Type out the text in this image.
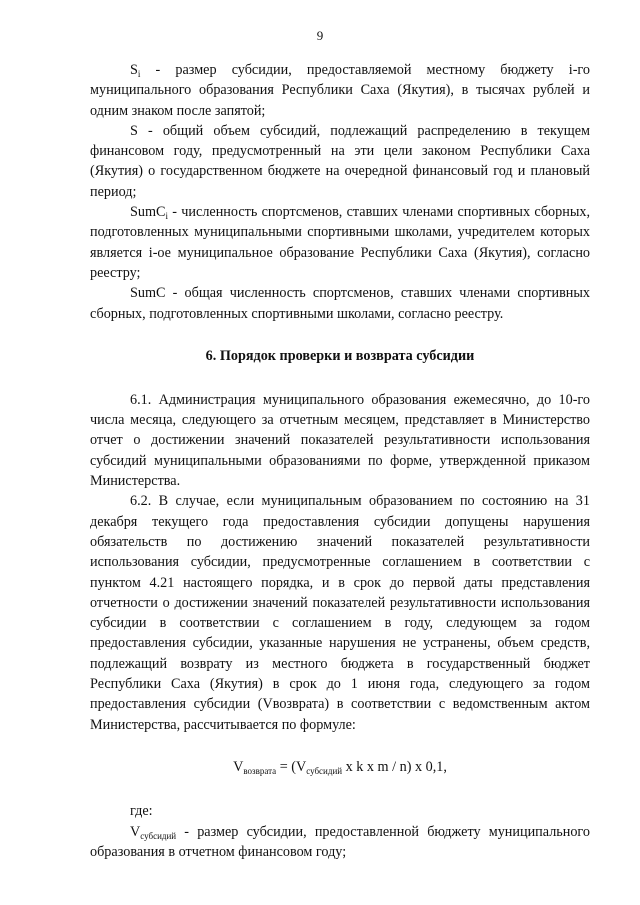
9

$S_i$ - размер субсидии, предоставляемой местному бюджету i-го муниципального образования Республики Саха (Якутия), в тысячах рублей и одним знаком после запятой;

S - общий объем субсидий, подлежащий распределению в текущем финансовом году, предусмотренный на эти цели законом Республики Саха (Якутия) о государственном бюджете на очередной финансовый год и плановый период;

SumC$_i$ - численность спортсменов, ставших членами спортивных сборных, подготовленных муниципальными спортивными школами, учредителем которых является i-ое муниципальное образование Республики Саха (Якутия), согласно реестру;

SumC - общая численность спортсменов, ставших членами спортивных сборных, подготовленных спортивными школами, согласно реестру.

6. Порядок проверки и возврата субсидии

6.1. Администрация муниципального образования ежемесячно, до 10-го числа месяца, следующего за отчетным месяцем, представляет в Министерство отчет о достижении значений показателей результативности использования субсидий муниципальными образованиями по форме, утвержденной приказом Министерства.

6.2. В случае, если муниципальным образованием по состоянию на 31 декабря текущего года предоставления субсидии допущены нарушения обязательств по достижению значений показателей результативности использования субсидии, предусмотренные соглашением в соответствии с пунктом 4.21 настоящего порядка, и в срок до первой даты представления отчетности о достижении значений показателей результативности использования субсидии в соответствии с соглашением в году, следующем за годом предоставления субсидии, указанные нарушения не устранены, объем средств, подлежащий возврату из местного бюджета в государственный бюджет Республики Саха (Якутия) в срок до 1 июня года, следующего за годом предоставления субсидии (Vвозврата) в соответствии с ведомственным актом Министерства, рассчитывается по формуле:

$V_{возврата} = (V_{субсидий}$ x k x m / n) x 0,1,

где:

$V_{субсидий}$ - размер субсидии, предоставленной бюджету муниципального образования в отчетном финансовом году;
